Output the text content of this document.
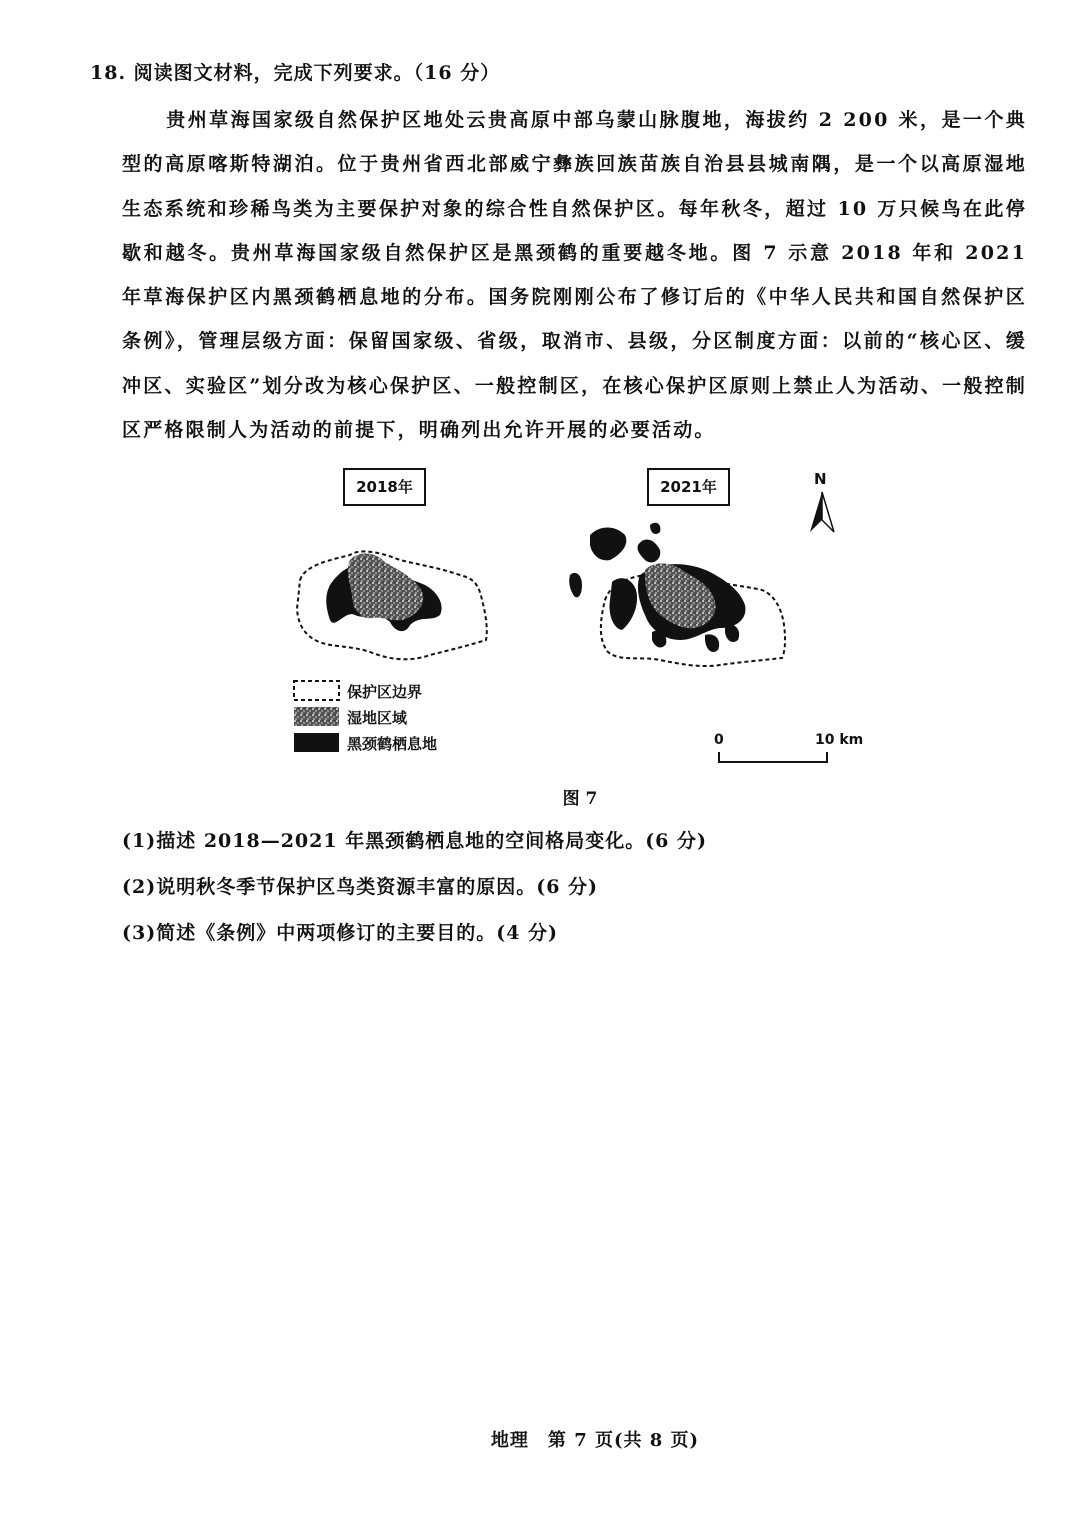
18. 阅读图文材料，完成下列要求。（16 分）
贵州草海国家级自然保护区地处云贵高原中部乌蒙山脉腹地，海拔约 2 200 米，是一个典型的高原喀斯特湖泊。位于贵州省西北部威宁彝族回族苗族自治县县城南隅，是一个以高原湿地生态系统和珍稀鸟类为主要保护对象的综合性自然保护区。每年秋冬，超过 10 万只候鸟在此停歇和越冬。贵州草海国家级自然保护区是黑颈鹤的重要越冬地。图 7 示意 2018 年和 2021 年草海保护区内黑颈鹤栖息地的分布。国务院刚刚公布了修订后的《中华人民共和国自然保护区条例》，管理层级方面：保留国家级、省级，取消市、县级，分区制度方面：以前的“核心区、缓冲区、实验区”划分改为核心保护区、一般控制区，在核心保护区原则上禁止人为活动、一般控制区严格限制人为活动的前提下，明确列出允许开展的必要活动。
2018年	2021年	N
保护区边界
湿地区域
黑颈鹤栖息地	0	10 km
图 7
(1)描述 2018—2021 年黑颈鹤栖息地的空间格局变化。(6 分)
(2)说明秋冬季节保护区鸟类资源丰富的原因。(6 分)
(3)简述《条例》中两项修订的主要目的。(4 分)
地理　第 7 页(共 8 页)
